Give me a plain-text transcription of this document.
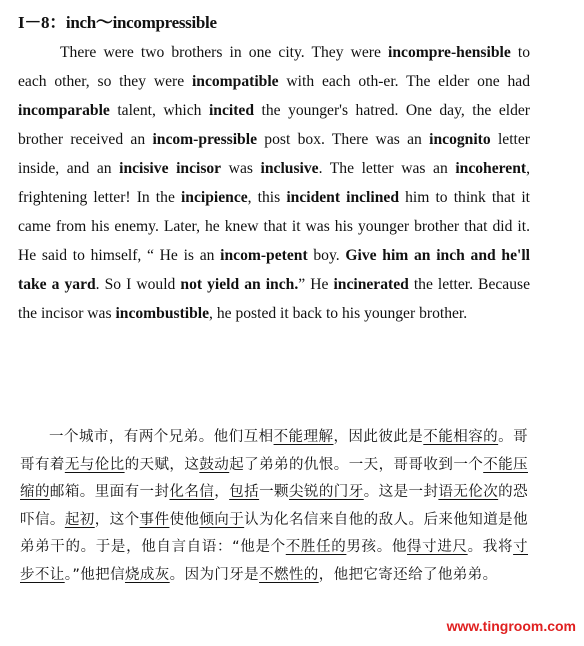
I－8：inch～incompressible
There were two brothers in one city. They were incompre-hensible to each other, so they were incompatible with each oth-er. The elder one had incomparable talent, which incited the younger's hatred. One day, the elder brother received an incom-pressible post box. There was an incognito letter inside, and an incisive incisor was inclusive. The letter was an incoherent, frightening letter! In the incipience, this incident inclined him to think that it came from his enemy. Later, he knew that it was his younger brother that did it. He said to himself, “ He is an incom-petent boy. Give him an inch and he'll take a yard. So I would not yield an inch.” He incinerated the letter. Because the incisor was incombustible, he posted it back to his younger brother.
一个城市，有两个兄弟。他们互相不能理解，因此彼此是不能相容的。哥哥有着无与伦比的天赋，这鼓动起了弟弟的仇恨。一天，哥哥收到一个不能压缩的邮箱。里面有一封化名信，包括一颗尖锐的门牙。这是一封语无伦次的恐吓信。起初，这个事件使他倾向于认为化名信来自他的敌人。后来他知道是他弟弟干的。于是，他自言自语：“他是个不胜任的男孩。他得寸进尺。我将寸步不让。”他把信烧成灰。因为门牙是不燃性的，他把它寄还给了他弟弟。
www.tingroom.com
